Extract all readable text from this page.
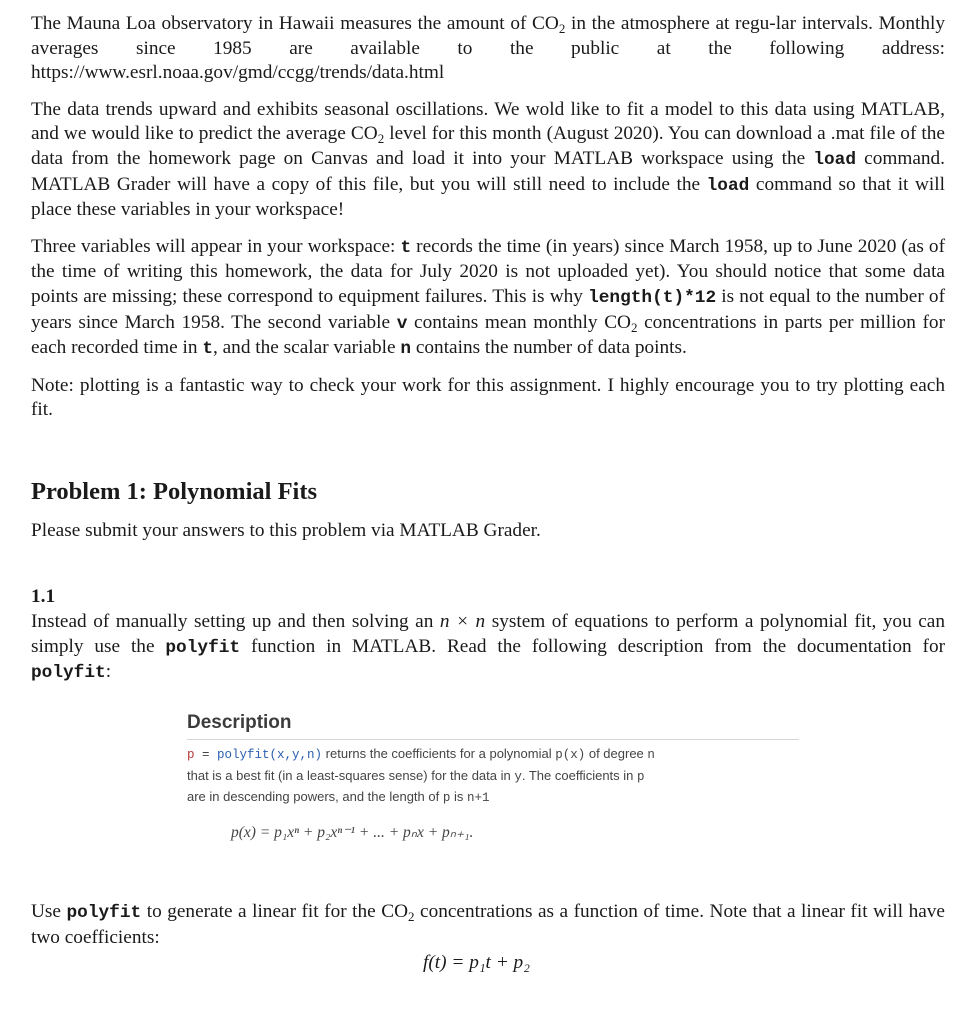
The Mauna Loa observatory in Hawaii measures the amount of $CO_2$ in the atmosphere at regu-lar intervals. Monthly averages since 1985 are available to the public at the following address: https://www.esrl.noaa.gov/gmd/ccgg/trends/data.html

The data trends upward and exhibits seasonal oscillations. We wold like to fit a model to this data using MATLAB, and we would like to predict the average $CO_2$ level for this month (August 2020). You can download a .mat file of the data from the homework page on Canvas and load it into your MATLAB workspace using the load command. MATLAB Grader will have a copy of this file, but you will still need to include the load command so that it will place these variables in your workspace!

Three variables will appear in your workspace: t records the time (in years) since March 1958, up to June 2020 (as of the time of writing this homework, the data for July 2020 is not uploaded yet). You should notice that some data points are missing; these correspond to equipment failures. This is why length(t)*12 is not equal to the number of years since March 1958. The second variable v contains mean monthly $CO_2$ concentrations in parts per million for each recorded time in t, and the scalar variable n contains the number of data points.

Note: plotting is a fantastic way to check your work for this assignment. I highly encourage you to try plotting each fit.

Problem 1: Polynomial Fits

Please submit your answers to this problem via MATLAB Grader.

1.1

Instead of manually setting up and then solving an n × n system of equations to perform a polynomial fit, you can simply use the polyfit function in MATLAB. Read the following description from the documentation for polyfit:

Description
p = polyfit(x,y,n) returns the coefficients for a polynomial p(x) of degree n
that is a best fit (in a least-squares sense) for the data in y. The coefficients in p
are in descending powers, and the length of p is n+1
p(x) = p₁xⁿ + p₂xⁿ⁻¹ + ... + pₙx + pₙ₊₁.

Use polyfit to generate a linear fit for the $CO_2$ concentrations as a function of time. Note that a linear fit will have two coefficients:

f(t) = p₁t + p₂
